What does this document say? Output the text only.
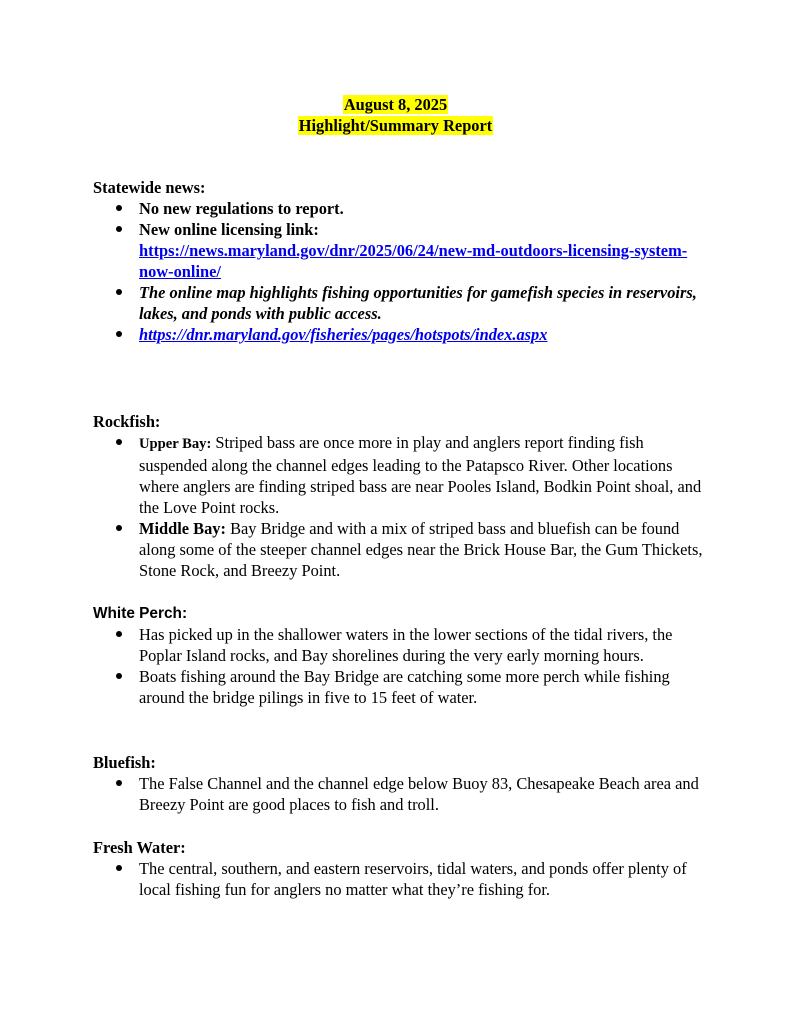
August 8, 2025
Highlight/Summary Report

Statewide news:

No new regulations to report.
New online licensing link:
https://news.maryland.gov/dnr/2025/06/24/new-md-outdoors-licensing-system-now-online/
The online map highlights fishing opportunities for gamefish species in reservoirs, lakes, and ponds with public access.
https://dnr.maryland.gov/fisheries/pages/hotspots/index.aspx

Rockfish:

Upper Bay: Striped bass are once more in play and anglers report finding fish suspended along the channel edges leading to the Patapsco River. Other locations where anglers are finding striped bass are near Pooles Island, Bodkin Point shoal, and the Love Point rocks.
Middle Bay: Bay Bridge and with a mix of striped bass and bluefish can be found along some of the steeper channel edges near the Brick House Bar, the Gum Thickets, Stone Rock, and Breezy Point.

White Perch:

Has picked up in the shallower waters in the lower sections of the tidal rivers, the Poplar Island rocks, and Bay shorelines during the very early morning hours.
Boats fishing around the Bay Bridge are catching some more perch while fishing around the bridge pilings in five to 15 feet of water.

Bluefish:

The False Channel and the channel edge below Buoy 83, Chesapeake Beach area and Breezy Point are good places to fish and troll.

Fresh Water:

The central, southern, and eastern reservoirs, tidal waters, and ponds offer plenty of local fishing fun for anglers no matter what they’re fishing for.
